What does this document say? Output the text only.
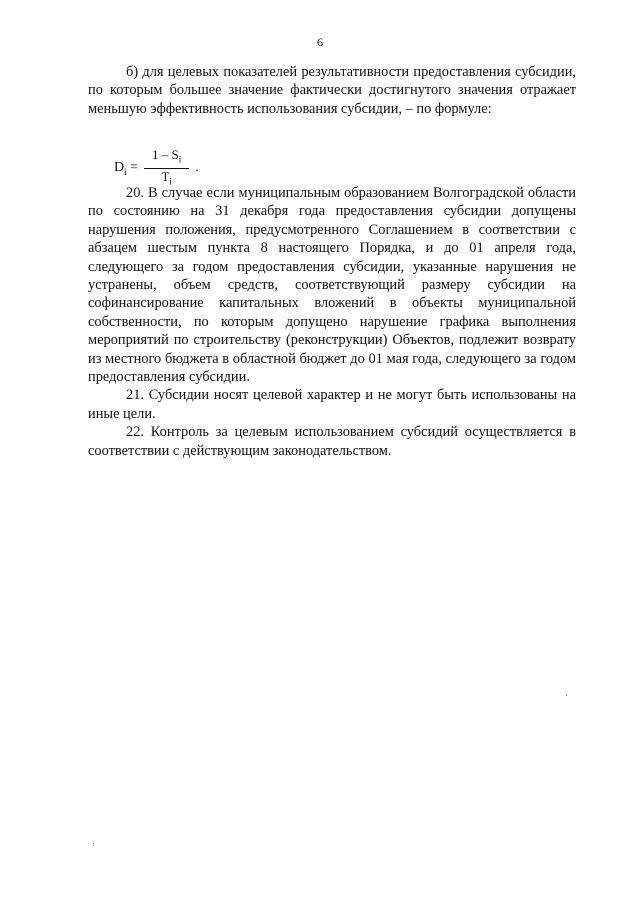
6

б) для целевых показателей результативности предоставления субсидии, по которым большее значение фактически достигнутого значения отражает меньшую эффективность использования субсидии, – по формуле:

$D_i = \frac{1 - S_i}{T_i}$ .

20. В случае если муниципальным образованием Волгоградской области по состоянию на 31 декабря года предоставления субсидии допущены нарушения положения, предусмотренного Соглашением в соответствии с абзацем шестым пункта 8 настоящего Порядка, и до 01 апреля года, следующего за годом предоставления субсидии, указанные нарушения не устранены, объем средств, соответствующий размеру субсидии на софинансирование капитальных вложений в объекты муниципальной собственности, по которым допущено нарушение графика выполнения мероприятий по строительству (реконструкции) Объектов, подлежит возврату из местного бюджета в областной бюджет до 01 мая года, следующего за годом предоставления субсидии.

21. Субсидии носят целевой характер и не могут быть использованы на иные цели.

22. Контроль за целевым использованием субсидий осуществляется в соответствии с действующим законодательством.
